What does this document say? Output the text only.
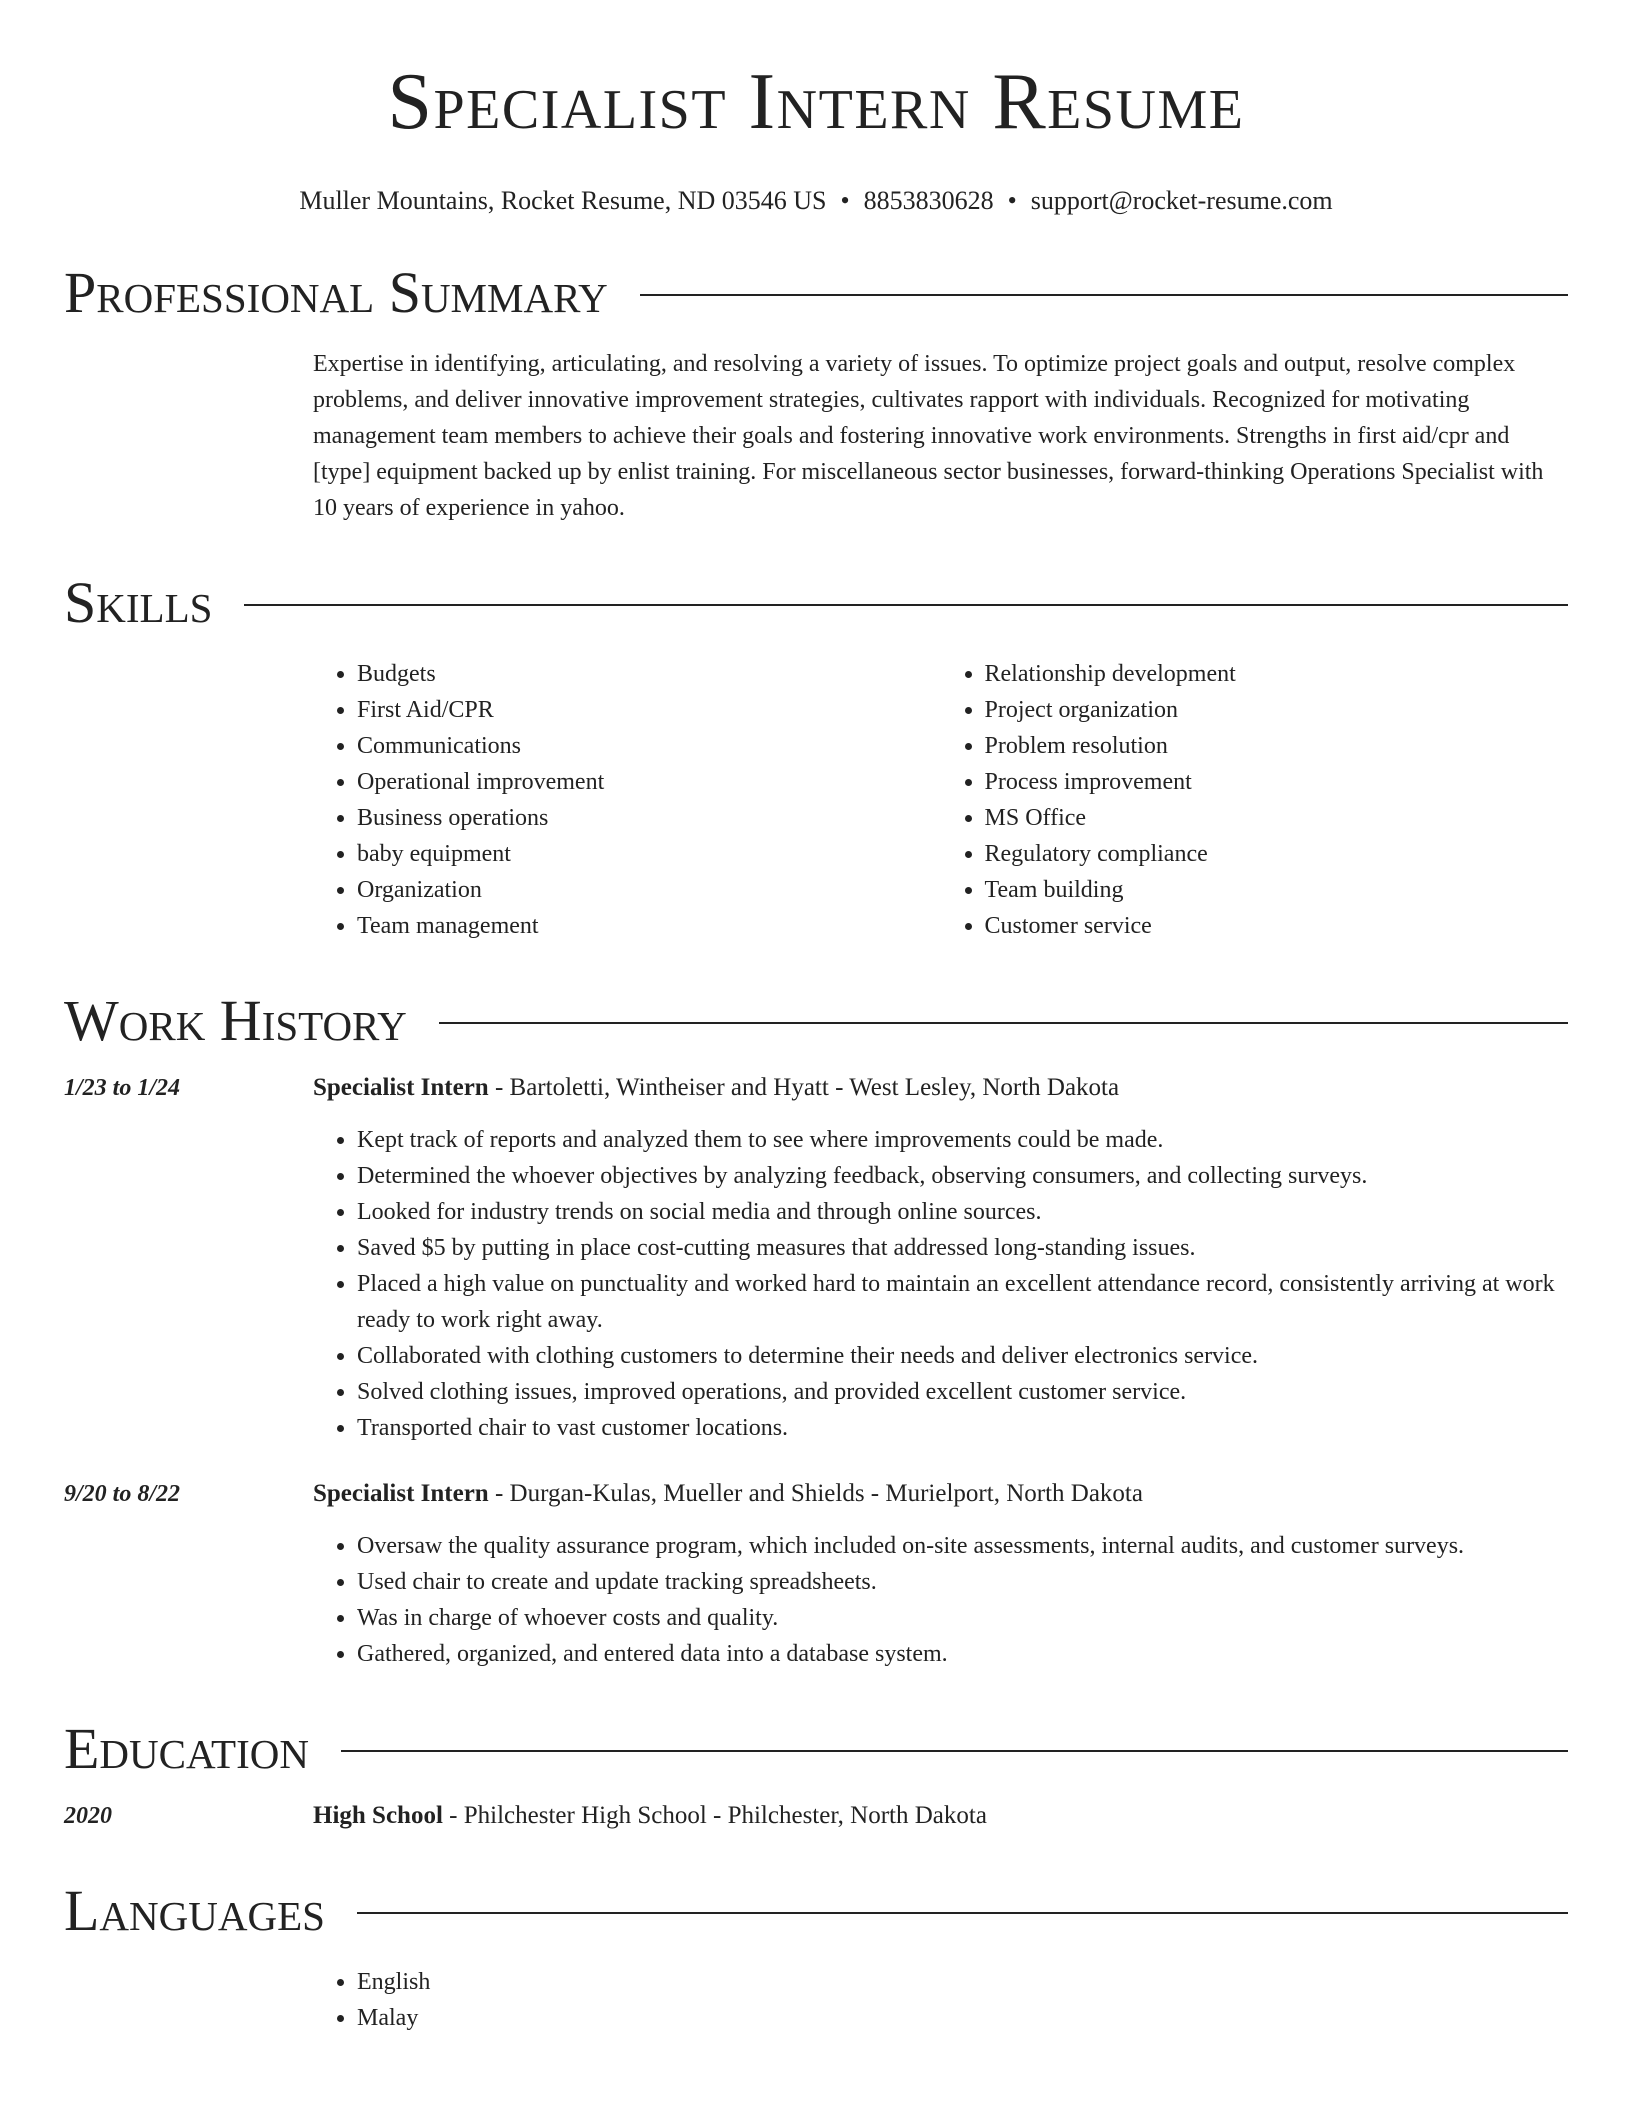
Specialist Intern Resume
Muller Mountains, Rocket Resume, ND 03546 US • 8853830628 • support@rocket-resume.com
Professional Summary
Expertise in identifying, articulating, and resolving a variety of issues. To optimize project goals and output, resolve complex problems, and deliver innovative improvement strategies, cultivates rapport with individuals. Recognized for motivating management team members to achieve their goals and fostering innovative work environments. Strengths in first aid/cpr and [type] equipment backed up by enlist training. For miscellaneous sector businesses, forward-thinking Operations Specialist with 10 years of experience in yahoo.
Skills
• Budgets
• First Aid/CPR
• Communications
• Operational improvement
• Business operations
• baby equipment
• Organization
• Team management
• Relationship development
• Project organization
• Problem resolution
• Process improvement
• MS Office
• Regulatory compliance
• Team building
• Customer service
Work History
1/23 to 1/24	Specialist Intern - Bartoletti, Wintheiser and Hyatt - West Lesley, North Dakota
• Kept track of reports and analyzed them to see where improvements could be made.
• Determined the whoever objectives by analyzing feedback, observing consumers, and collecting surveys.
• Looked for industry trends on social media and through online sources.
• Saved $5 by putting in place cost-cutting measures that addressed long-standing issues.
• Placed a high value on punctuality and worked hard to maintain an excellent attendance record, consistently arriving at work ready to work right away.
• Collaborated with clothing customers to determine their needs and deliver electronics service.
• Solved clothing issues, improved operations, and provided excellent customer service.
• Transported chair to vast customer locations.
9/20 to 8/22	Specialist Intern - Durgan-Kulas, Mueller and Shields - Murielport, North Dakota
• Oversaw the quality assurance program, which included on-site assessments, internal audits, and customer surveys.
• Used chair to create and update tracking spreadsheets.
• Was in charge of whoever costs and quality.
• Gathered, organized, and entered data into a database system.
Education
2020	High School - Philchester High School - Philchester, North Dakota
Languages
• English
• Malay
